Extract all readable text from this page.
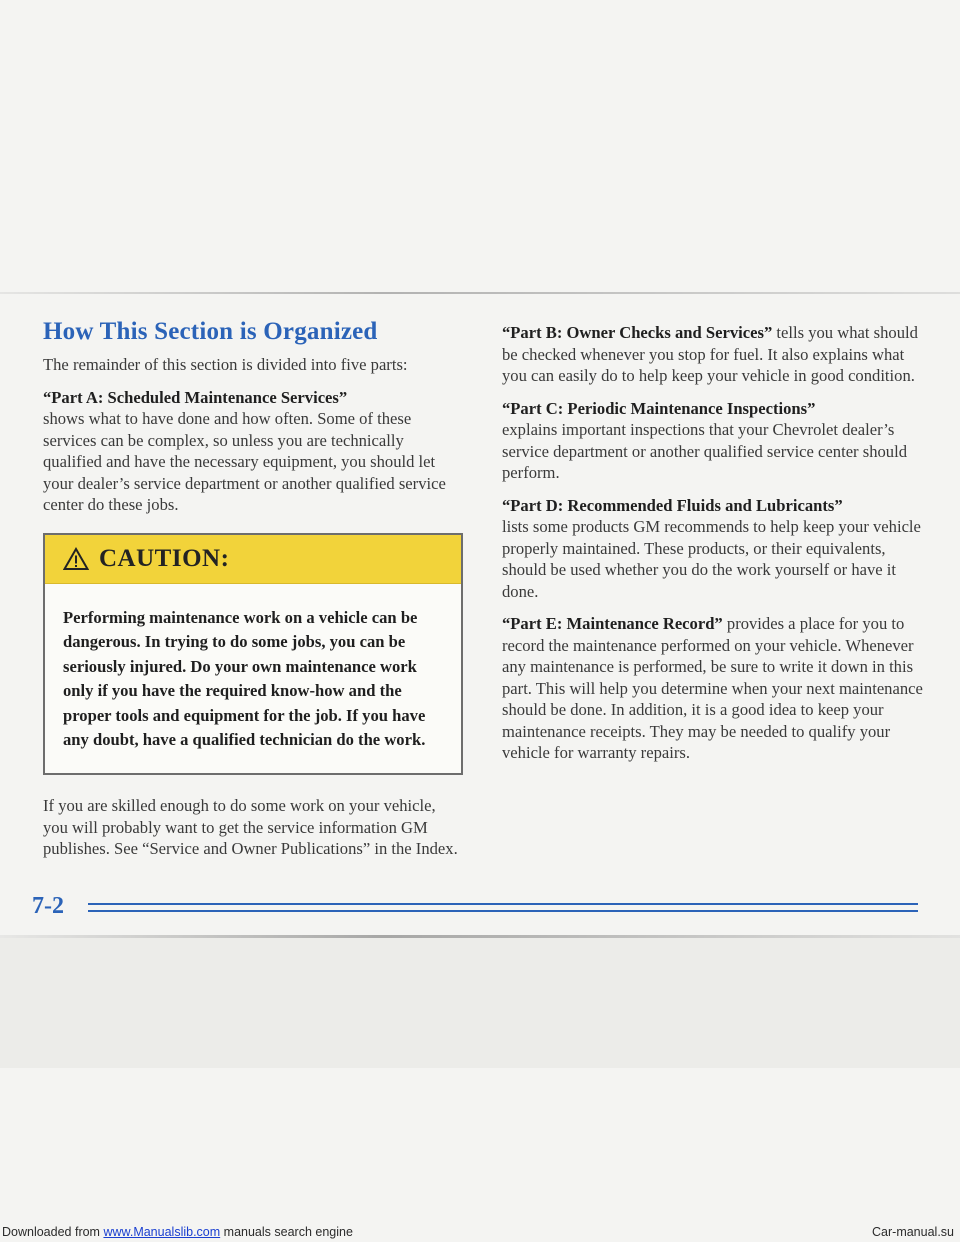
How This Section is Organized

The remainder of this section is divided into five parts:

“Part A: Scheduled Maintenance Services”
shows what to have done and how often. Some of these services can be complex, so unless you are technically qualified and have the necessary equipment, you should let your dealer’s service department or another qualified service center do these jobs.

CAUTION:
Performing maintenance work on a vehicle can be dangerous. In trying to do some jobs, you can be seriously injured. Do your own maintenance work only if you have the required know-how and the proper tools and equipment for the job. If you have any doubt, have a qualified technician do the work.

If you are skilled enough to do some work on your vehicle, you will probably want to get the service information GM publishes. See “Service and Owner Publications” in the Index.

“Part B: Owner Checks and Services” tells you what should be checked whenever you stop for fuel. It also explains what you can easily do to help keep your vehicle in good condition.

“Part C: Periodic Maintenance Inspections”
explains important inspections that your Chevrolet dealer’s service department or another qualified service center should perform.

“Part D: Recommended Fluids and Lubricants”
lists some products GM recommends to help keep your vehicle properly maintained. These products, or their equivalents, should be used whether you do the work yourself or have it done.

“Part E: Maintenance Record” provides a place for you to record the maintenance performed on your vehicle. Whenever any maintenance is performed, be sure to write it down in this part. This will help you determine when your next maintenance should be done. In addition, it is a good idea to keep your maintenance receipts. They may be needed to qualify your vehicle for warranty repairs.

7-2
Downloaded from www.Manualslib.com manuals search engine	Car-manual.su
